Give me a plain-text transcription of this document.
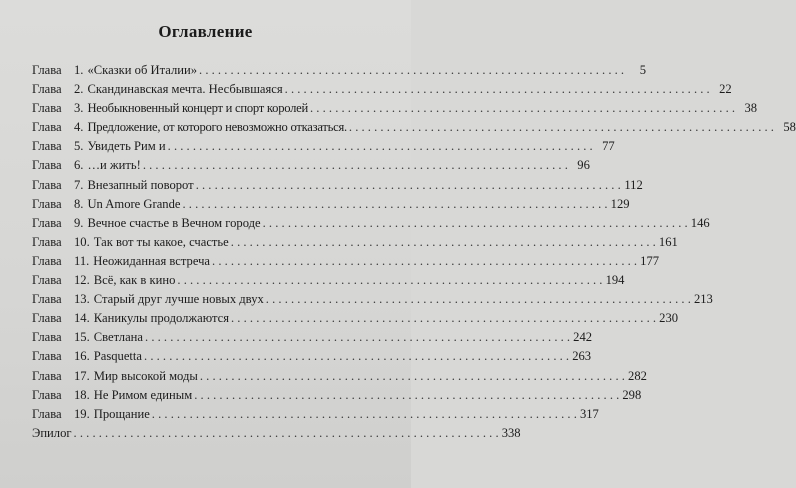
Оглавление
Глава 1. «Сказки об Италии» . . .	5
Глава 2. Скандинавская мечта. Несбывшаяся . . .	22
Глава 3. Необыкновенный концерт и спорт королей . . .	38
Глава 4. Предложение, от которого невозможно отказаться. . . .	58
Глава 5. Увидеть Рим и . . .	77
Глава 6. …и жить! . . .	96
Глава 7. Внезапный поворот . . .	112
Глава 8. Un Amore Grande . . .	129
Глава 9. Вечное счастье в Вечном городе . . .	146
Глава 10. Так вот ты какое, счастье . . .	161
Глава 11. Неожиданная встреча . . .	177
Глава 12. Всё, как в кино . . .	194
Глава 13. Старый друг лучше новых двух . . .	213
Глава 14. Каникулы продолжаются . . .	230
Глава 15. Светлана . . .	242
Глава 16. Pasquetta . . .	263
Глава 17. Мир высокой моды . . .	282
Глава 18. Не Римом единым . . .	298
Глава 19. Прощание . . .	317
Эпилог . . .	338
